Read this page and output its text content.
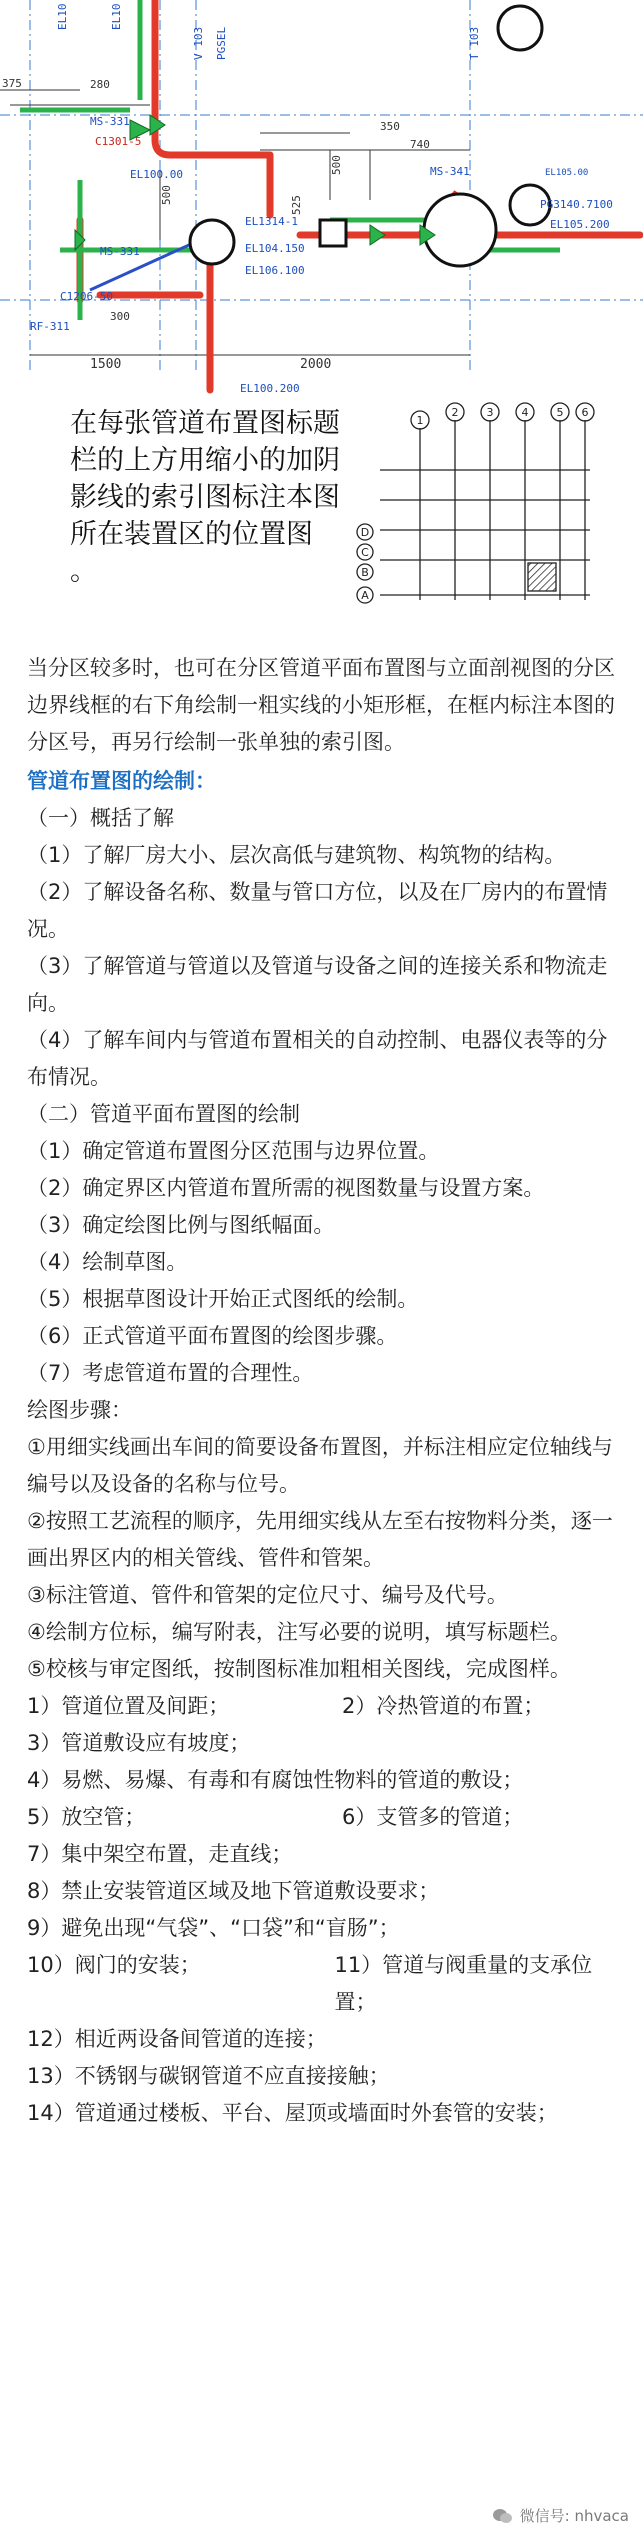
375	280
350
740
500
500
525
300
1500	2000
MS-331
MS-331
MS-341
C1301-5
C1206-50
EL1314-1
EL100.00
EL104.150
EL106.100
EL105.00
EL105.200
PG3140.7100
RF-311
EL10	EL10
V 103 PGSEL	T 103
EL100.200
在每张管道布置图标题栏的上方用缩小的加阴影线的索引图标注本图所在装置区的位置图 。
1
2	3	4	5 6
D
C
B
A

当分区较多时，也可在分区管道平面布置图与立面剖视图的分区边界线框的右下角绘制一粗实线的小矩形框，在框内标注本图的分区号，再另行绘制一张单独的索引图。

管道布置图的绘制：

（一）概括了解

（1）了解厂房大小、层次高低与建筑物、构筑物的结构。

（2）了解设备名称、数量与管口方位，以及在厂房内的布置情况。

（3）了解管道与管道以及管道与设备之间的连接关系和物流走向。

（4）了解车间内与管道布置相关的自动控制、电器仪表等的分布情况。

（二）管道平面布置图的绘制

（1）确定管道布置图分区范围与边界位置。

（2）确定界区内管道布置所需的视图数量与设置方案。

（3）确定绘图比例与图纸幅面。

（4）绘制草图。

（5）根据草图设计开始正式图纸的绘制。

（6）正式管道平面布置图的绘图步骤。

（7）考虑管道布置的合理性。

绘图步骤：

①用细实线画出车间的简要设备布置图，并标注相应定位轴线与编号以及设备的名称与位号。

②按照工艺流程的顺序，先用细实线从左至右按物料分类，逐一画出界区内的相关管线、管件和管架。

③标注管道、管件和管架的定位尺寸、编号及代号。

④绘制方位标，编写附表，注写必要的说明，填写标题栏。

⑤校核与审定图纸，按制图标准加粗相关图线，完成图样。

1）管道位置及间距；	2）冷热管道的布置；

3）管道敷设应有坡度；

4）易燃、易爆、有毒和有腐蚀性物料的管道的敷设；

5）放空管；	6）支管多的管道；

7）集中架空布置，走直线；

8）禁止安装管道区域及地下管道敷设要求；

9）避免出现“气袋”、“口袋”和“盲肠”；

10）阀门的安装；	11）管道与阀重量的支承位置；

12）相近两设备间管道的连接；

13）不锈钢与碳钢管道不应直接接触；

14）管道通过楼板、平台、屋顶或墙面时外套管的安装；

微信号: nhvaca
